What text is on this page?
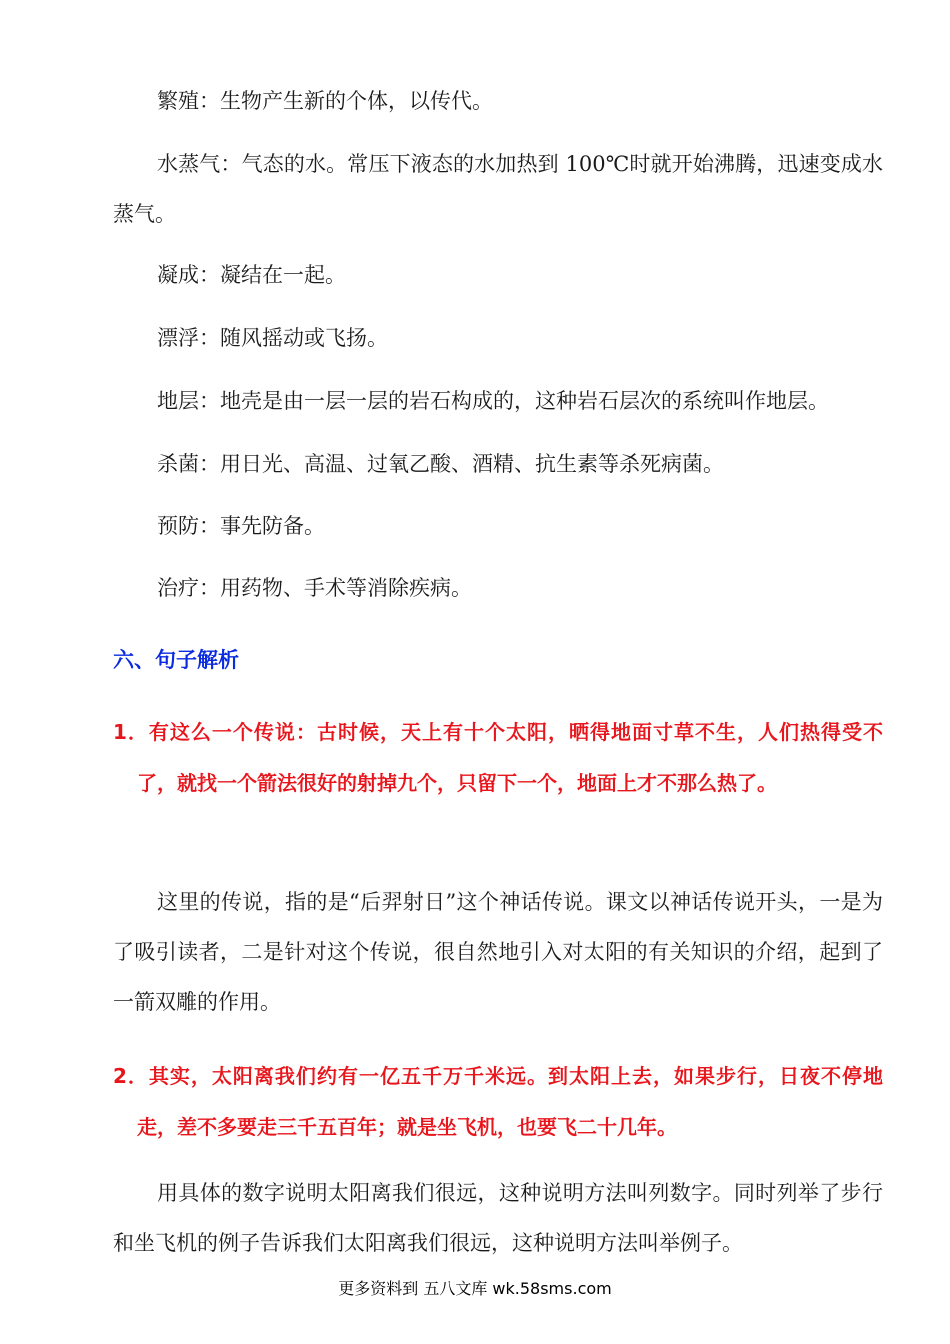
繁殖：生物产生新的个体，以传代。

水蒸气：气态的水。常压下液态的水加热到 100℃时就开始沸腾，迅速变成水蒸气。

凝成：凝结在一起。

漂浮：随风摇动或飞扬。

地层：地壳是由一层一层的岩石构成的，这种岩石层次的系统叫作地层。

杀菌：用日光、高温、过氧乙酸、酒精、抗生素等杀死病菌。

预防：事先防备。

治疗：用药物、手术等消除疾病。

六、句子解析

1．有这么一个传说：古时候，天上有十个太阳，晒得地面寸草不生，人们热得受不了，就找一个箭法很好的射掉九个，只留下一个，地面上才不那么热了。

这里的传说，指的是“后羿射日”这个神话传说。课文以神话传说开头，一是为了吸引读者，二是针对这个传说，很自然地引入对太阳的有关知识的介绍，起到了一箭双雕的作用。

2．其实，太阳离我们约有一亿五千万千米远。到太阳上去，如果步行，日夜不停地走，差不多要走三千五百年；就是坐飞机，也要飞二十几年。

用具体的数字说明太阳离我们很远，这种说明方法叫列数字。同时列举了步行和坐飞机的例子告诉我们太阳离我们很远，这种说明方法叫举例子。

更多资料到 五八文库 wk.58sms.com
